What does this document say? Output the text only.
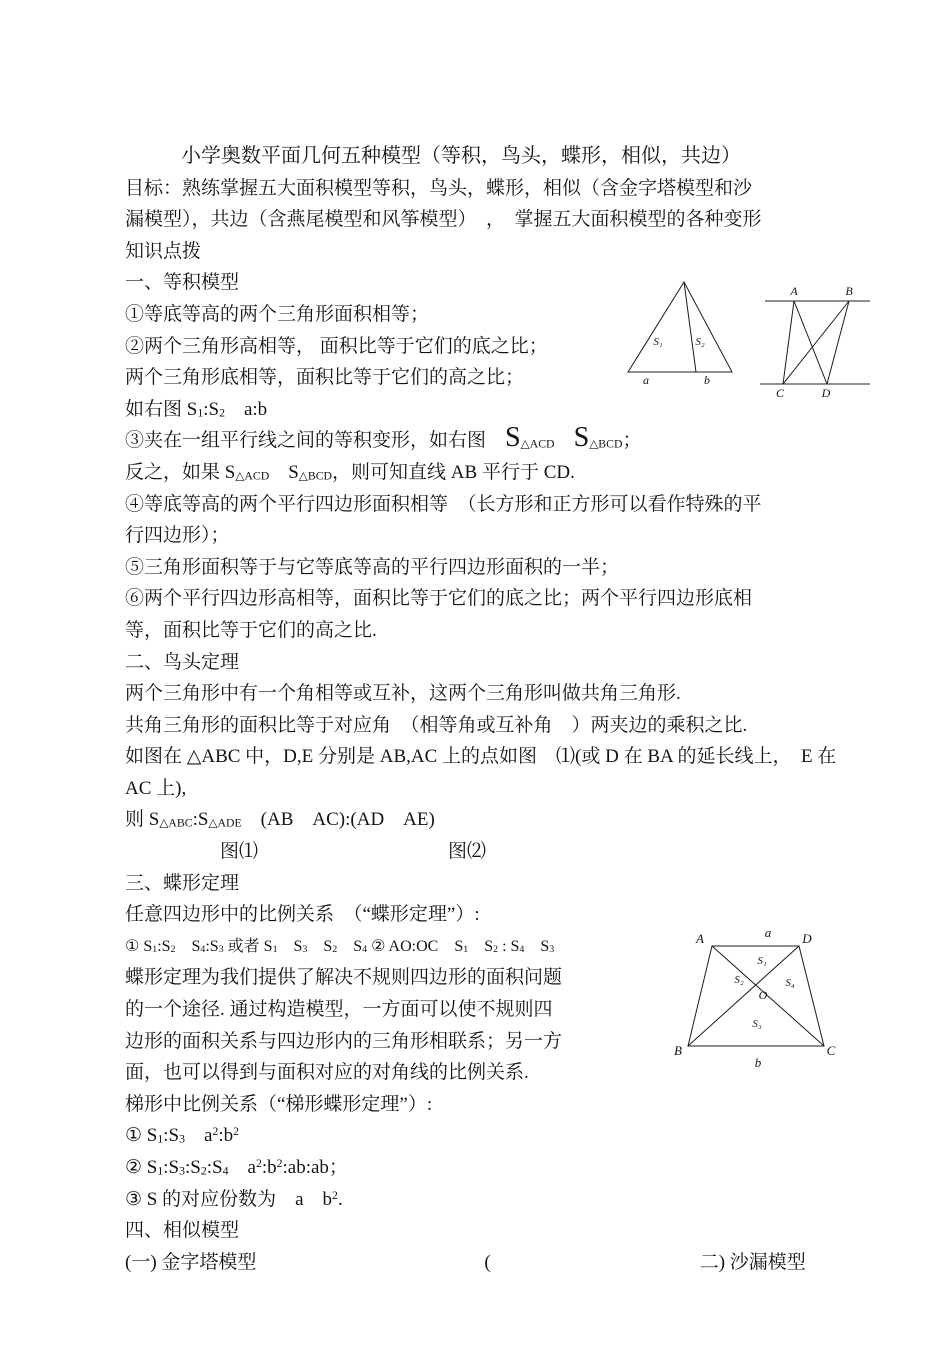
小学奥数平面几何五种模型（等积，鸟头，蝶形，相似，共边）
目标：熟练掌握五大面积模型等积，鸟头，蝶形，相似（含金字塔模型和沙
漏模型），共边（含燕尾模型和风筝模型）　，　掌握五大面积模型的各种变形
知识点拨
一、等积模型
①等底等高的两个三角形面积相等；
②两个三角形高相等， 面积比等于它们的底之比；
两个三角形底相等，面积比等于它们的高之比；
如右图 S1:S2　a:b
③夹在一组平行线之间的等积变形，如右图　S△ACD　 S△BCD；
反之，如果 S△ACD　S△BCD，则可知直线 AB 平行于 CD.
④等底等高的两个平行四边形面积相等　（长方形和正方形可以看作特殊的平
行四边形）；
⑤三角形面积等于与它等底等高的平行四边形面积的一半；
⑥两个平行四边形高相等，面积比等于它们的底之比；两个平行四边形底相
等，面积比等于它们的高之比.
二、鸟头定理
两个三角形中有一个角相等或互补，这两个三角形叫做共角三角形.
共角三角形的面积比等于对应角　（相等角或互补角　）两夹边的乘积之比.
如图在 △ABC 中，D,E 分别是 AB,AC 上的点如图　⑴(或 D 在 BA 的延长线上，　E 在
AC 上),
则 S△ABC:S△ADE　(AB　AC):(AD　AE)
　　　　　图⑴　　　　　　　　　　图⑵
三、蝶形定理
任意四边形中的比例关系　（“蝶形定理”）:
① S1:S2　S4:S3 或者 S1　S3　S2　S4 ② AO:OC　S1　S2 : S4　S3
蝶形定理为我们提供了解决不规则四边形的面积问题
的一个途径. 通过构造模型，一方面可以使不规则四
边形的面积关系与四边形内的三角形相联系；另一方
面，也可以得到与面积对应的对角线的比例关系.
梯形中比例关系（“梯形蝶形定理”）:
① S1:S3　$a^2:b^2$
② S1:S3:S2:S4　$a^2:b^2:ab:ab$；
③ S 的对应份数为　a　$b^2$.
四、相似模型
(一) 金字塔模型　　　　　　　　　　　　(　　　　　　　　　　　二) 沙漏模型
S₁	S₂
a	b
A	B
C	D
A	D
a
S₁
S₂	S₄
O
S₃
B	C
b
